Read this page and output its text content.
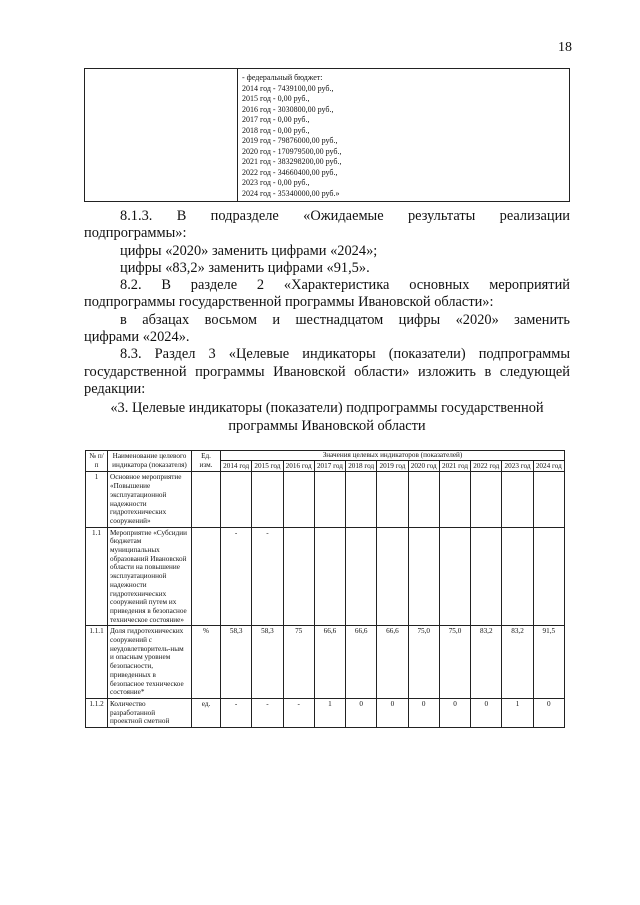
18

- федеральный бюджет:
2014 год - 7439100,00 руб.,
2015 год - 0,00 руб.,
2016 год - 3030800,00 руб.,
2017 год - 0,00 руб.,
2018 год - 0,00 руб.,
2019 год - 79876000,00 руб.,
2020 год - 170979500,00 руб.,
2021 год - 383298200,00 руб.,
2022 год - 34660400,00 руб.,
2023 год - 0,00 руб.,
2024 год - 35340000,00 руб.»

8.1.3. В подразделе «Ожидаемые результаты реализации

подпрограммы»:

цифры «2020» заменить цифрами «2024»;

цифры «83,2» заменить цифрами «91,5».

8.2. В разделе 2 «Характеристика основных мероприятий

подпрограммы государственной программы Ивановской области»:

в абзацах восьмом и шестнадцатом цифры «2020» заменить

цифрами «2024».

8.3. Раздел 3 «Целевые индикаторы (показатели) подпрограммы

государственной программы Ивановской области» изложить в следующей

редакции:

«3. Целевые индикаторы (показатели) подпрограммы государственной
программы Ивановской области
№ п/п	Наименование целевого индикатора (показателя)	Ед. изм.	Значения целевых индикаторов (показателей)										
			2014 год	2015 год	2016 год	2017 год	2018 год	2019 год	2020 год	2021 год	2022 год	2023 год	2024 год
1	Основное мероприятие «Повышение эксплуатационной надежности гидротехнических сооружений»												
1.1	Мероприятие «Субсидии бюджетам муниципальных образований Ивановской области на повышение эксплуатационной надежности гидротехнических сооружений путем их приведения в безопасное техническое состояние»		-	-									
1.1.1	Доля гидротехнических сооружений с неудовлетворитель-ным и опасным уровнем безопасности, приведенных в безопасное техническое состояние*	%	58,3	58,3	75	66,6	66,6	66,6	75,0	75,0	83,2	83,2	91,5
1.1.2	Количество разработанной проектной сметной	ед.	-	-	-	1	0	0	0	0	0	1	0
